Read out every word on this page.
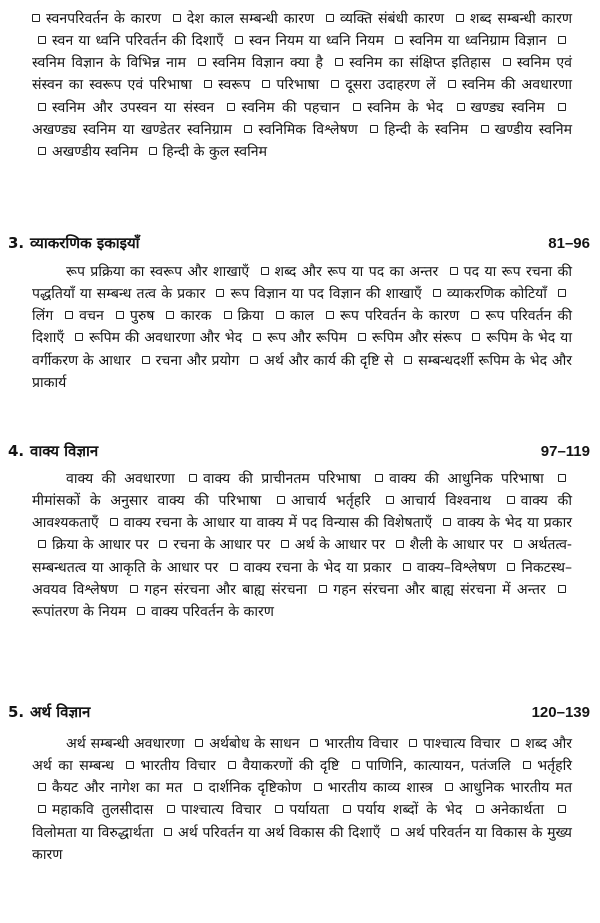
स्वनपरिवर्तन के कारण देश काल सम्बन्धी कारण व्यक्ति संबंधी कारण शब्द सम्बन्धी कारण स्वन या ध्वनि परिवर्तन की दिशाएँ स्वन नियम या ध्वनि नियम स्वनिम या ध्वनिग्राम विज्ञान स्वनिम विज्ञान के विभिन्न नाम स्वनिम विज्ञान क्या है स्वनिम का संक्षिप्त इतिहास स्वनिम एवं संस्वन का स्वरूप एवं परिभाषा स्वरूप परिभाषा दूसरा उदाहरण लें स्वनिम की अवधारणा स्वनिम और उपस्वन या संस्वन स्वनिम की पहचान स्वनिम के भेद खण्ड्य स्वनिम अखण्ड्य स्वनिम या खण्डेतर स्वनिग्राम स्वनिमिक विश्लेषण हिन्दी के स्वनिम खण्डीय स्वनिम अखण्डीय स्वनिम हिन्दी के कुल स्वनिम

3. व्याकरणिक इकाइयाँ	81–96

रूप प्रक्रिया का स्वरूप और शाखाएँ शब्द और रूप या पद का अन्तर पद या रूप रचना की पद्धतियाँ या सम्बन्ध तत्व के प्रकार रूप विज्ञान या पद विज्ञान की शाखाएँ व्याकरणिक कोटियाँ लिंग वचन पुरुष कारक क्रिया काल रूप परिवर्तन के कारण रूप परिवर्तन की दिशाएँ रूपिम की अवधारणा और भेद रूप और रूपिम रूपिम और संरूप रूपिम के भेद या वर्गीकरण के आधार रचना और प्रयोग अर्थ और कार्य की दृष्टि से सम्बन्धदर्शी रूपिम के भेद और प्राकार्य

4. वाक्य विज्ञान	97–119

वाक्य की अवधारणा वाक्य की प्राचीनतम परिभाषा वाक्य की आधुनिक परिभाषा मीमांसकों के अनुसार वाक्य की परिभाषा आचार्य भर्तृहरि आचार्य विश्वनाथ वाक्य की आवश्यकताएँ वाक्य रचना के आधार या वाक्य में पद विन्यास की विशेषताएँ वाक्य के भेद या प्रकार क्रिया के आधार पर रचना के आधार पर अर्थ के आधार पर शैली के आधार पर अर्थतत्व-सम्बन्धतत्व या आकृति के आधार पर वाक्य रचना के भेद या प्रकार वाक्य–विश्लेषण निकटस्थ–अवयव विश्लेषण गहन संरचना और बाह्य संरचना गहन संरचना और बाह्य संरचना में अन्तर रूपांतरण के नियम वाक्य परिवर्तन के कारण

5. अर्थ विज्ञान	120–139

अर्थ सम्बन्धी अवधारणा अर्थबोध के साधन भारतीय विचार पाश्चात्य विचार शब्द और अर्थ का सम्बन्ध भारतीय विचार वैयाकरणों की दृष्टि पाणिनि, कात्यायन, पतंजलि भर्तृहरि कैयट और नागेश का मत दार्शनिक दृष्टिकोण भारतीय काव्य शास्त्र आधुनिक भारतीय मत महाकवि तुलसीदास पाश्चात्य विचार पर्यायता पर्याय शब्दों के भेद अनेकार्थता विलोमता या विरुद्धार्थता अर्थ परिवर्तन या अर्थ विकास की दिशाएँ अर्थ परिवर्तन या विकास के मुख्य कारण
